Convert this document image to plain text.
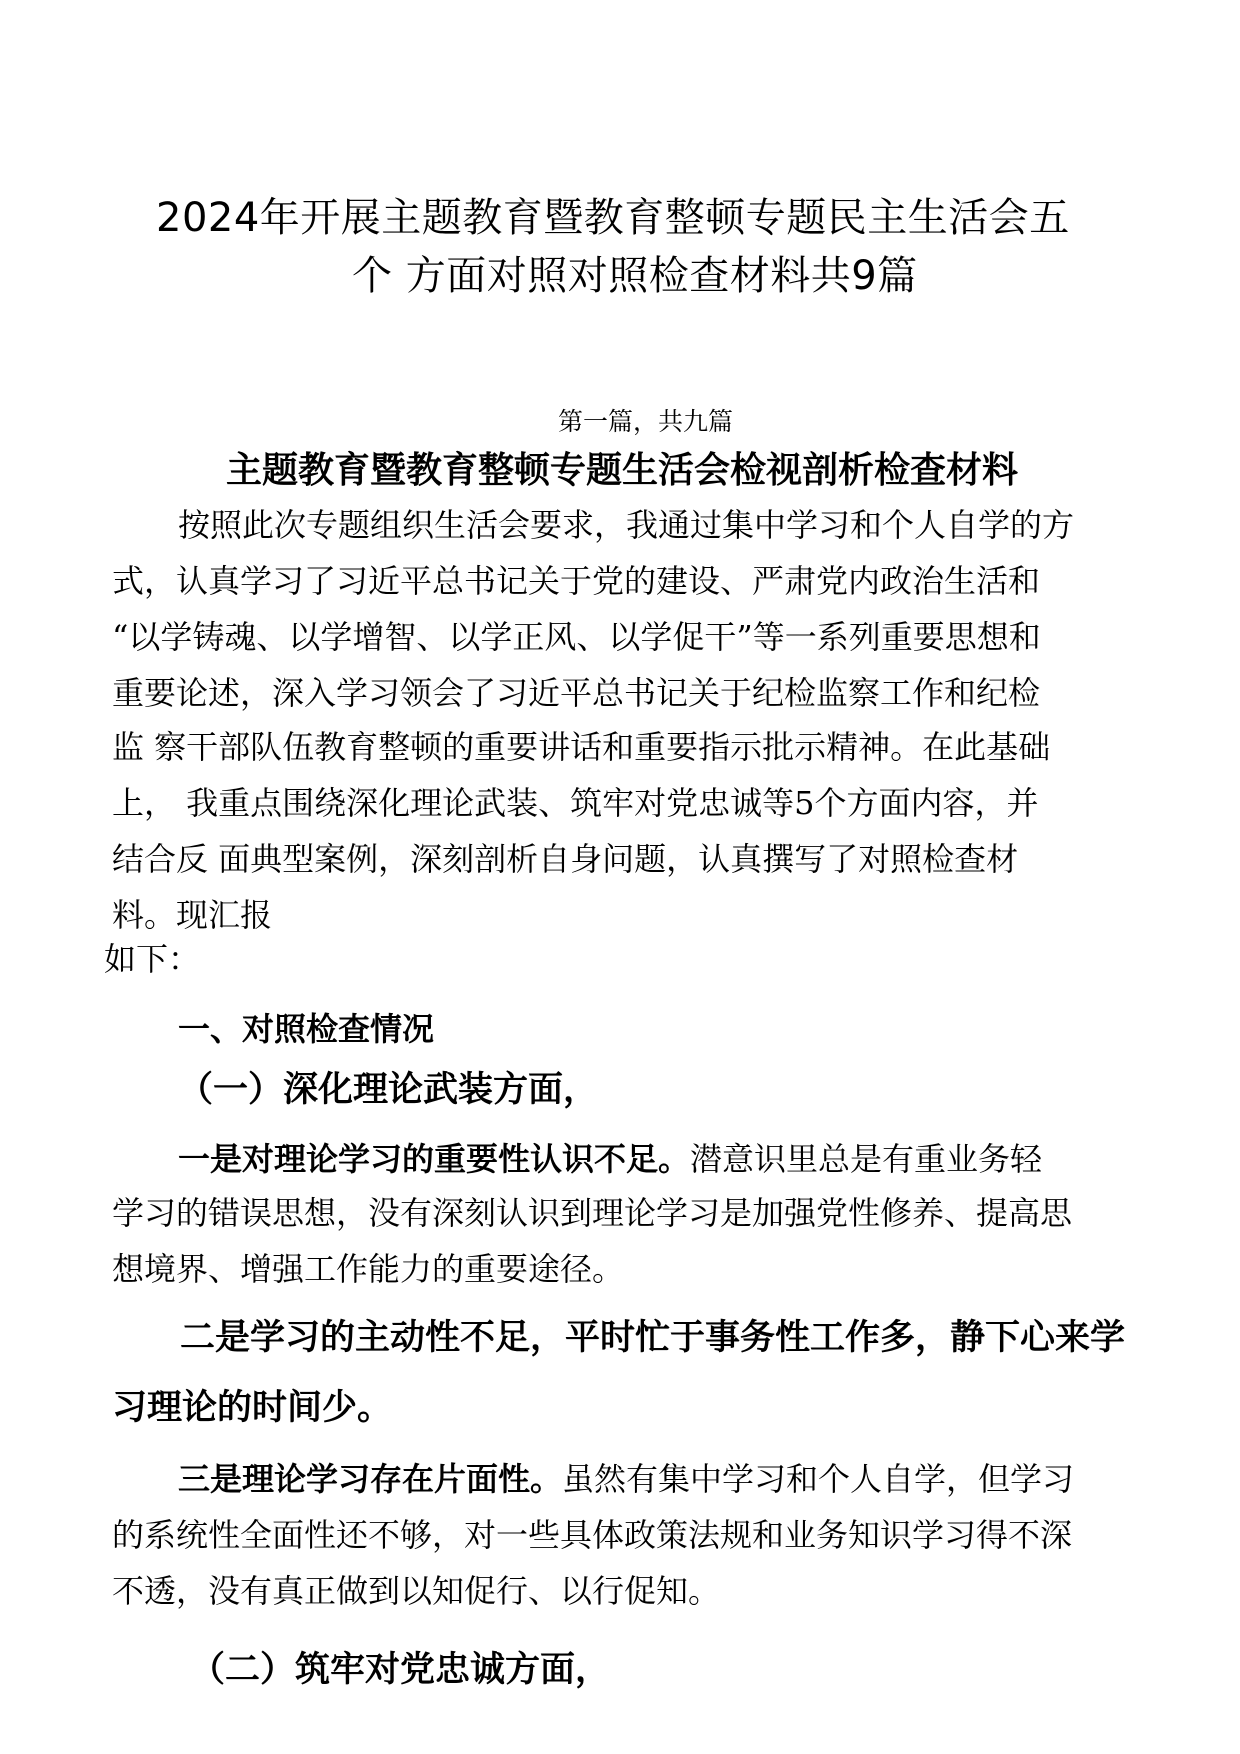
2024年开展主题教育暨教育整顿专题民主生活会五
个 方面对照对照检查材料共9篇
第一篇，共九篇
主题教育暨教育整顿专题生活会检视剖析检查材料
按照此次专题组织生活会要求，我通过集中学习和个人自学的方
式，认真学习了习近平总书记关于党的建设、严肃党内政治生活和
“以学铸魂、以学增智、以学正风、以学促干”等一系列重要思想和
重要论述，深入学习领会了习近平总书记关于纪检监察工作和纪检
监 察干部队伍教育整顿的重要讲话和重要指示批示精神。在此基础
上， 我重点围绕深化理论武装、筑牢对党忠诚等5个方面内容，并
结合反 面典型案例，深刻剖析自身问题，认真撰写了对照检查材
料。现汇报
如下：
一、对照检查情况
（一）深化理论武装方面，
一是对理论学习的重要性认识不足。潜意识里总是有重业务轻
学习的错误思想，没有深刻认识到理论学习是加强党性修养、提高思
想境界、增强工作能力的重要途径。
二是学习的主动性不足，平时忙于事务性工作多，静下心来学
习理论的时间少。
三是理论学习存在片面性。虽然有集中学习和个人自学，但学习
的系统性全面性还不够，对一些具体政策法规和业务知识学习得不深
不透，没有真正做到以知促行、以行促知。
（二）筑牢对党忠诚方面，
